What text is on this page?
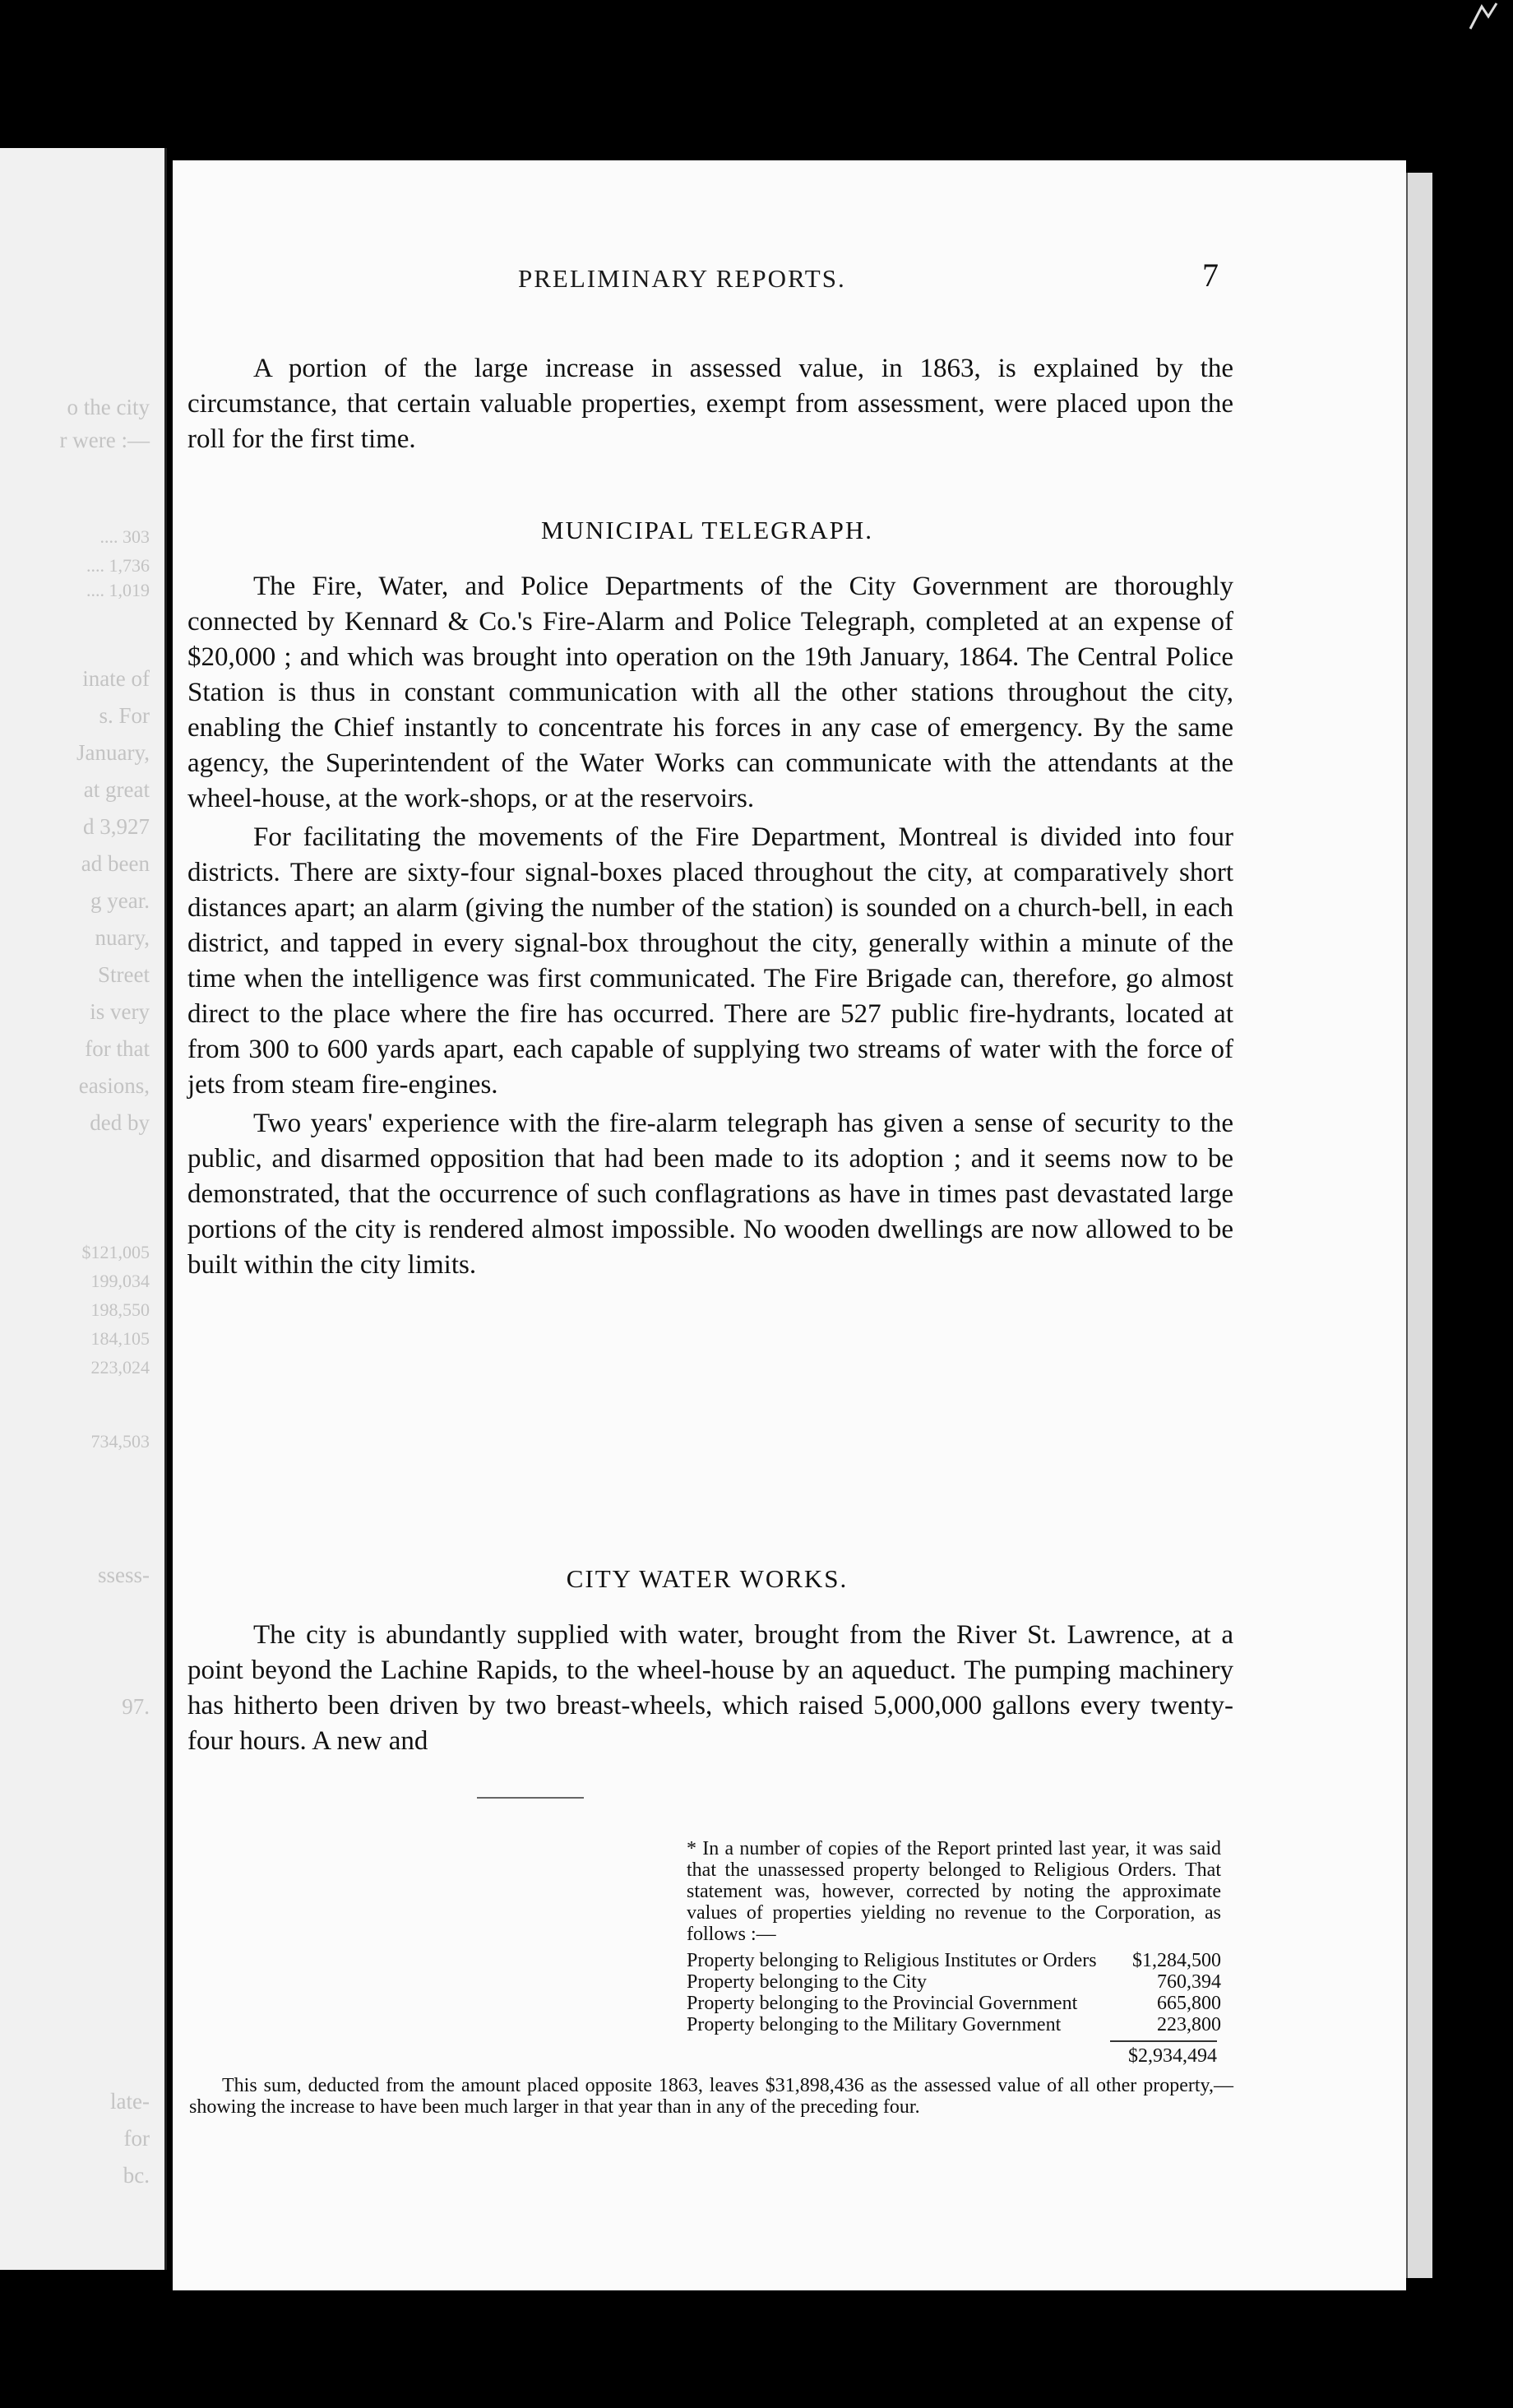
o the city
r were :—
.... 303
.... 1,736
.... 1,019
inate of
s. For
January,
at great
d 3,927
ad been
g year.
nuary,
Street
is very
for that
easions,
ded by
$121,005
199,034
198,550
184,105
223,024
734,503
ssess-
97.
late-
for
bc.
PRELIMINARY REPORTS.	7

A portion of the large increase in assessed value, in 1863, is explained by the circumstance, that certain valuable properties, exempt from assessment, were placed upon the roll for the first time.

MUNICIPAL TELEGRAPH.

The Fire, Water, and Police Departments of the City Government are thoroughly connected by Kennard & Co.'s Fire-Alarm and Police Telegraph, completed at an expense of $20,000 ; and which was brought into operation on the 19th January, 1864. The Central Police Station is thus in constant communication with all the other stations throughout the city, enabling the Chief instantly to concentrate his forces in any case of emergency. By the same agency, the Superintendent of the Water Works can communicate with the attendants at the wheel-house, at the work-shops, or at the reservoirs.

For facilitating the movements of the Fire Department, Montreal is divided into four districts. There are sixty-four signal-boxes placed throughout the city, at comparatively short distances apart; an alarm (giving the number of the station) is sounded on a church-bell, in each district, and tapped in every signal-box throughout the city, generally within a minute of the time when the intelligence was first communicated. The Fire Brigade can, therefore, go almost direct to the place where the fire has occurred. There are 527 public fire-hydrants, located at from 300 to 600 yards apart, each capable of supplying two streams of water with the force of jets from steam fire-engines.

Two years' experience with the fire-alarm telegraph has given a sense of security to the public, and disarmed opposition that had been made to its adoption ; and it seems now to be demonstrated, that the occurrence of such conflagrations as have in times past devastated large portions of the city is rendered almost impossible. No wooden dwellings are now allowed to be built within the city limits.

CITY WATER WORKS.

The city is abundantly supplied with water, brought from the River St. Lawrence, at a point beyond the Lachine Rapids, to the wheel-house by an aqueduct. The pumping machinery has hitherto been driven by two breast-wheels, which raised 5,000,000 gallons every twenty-four hours. A new and

* In a number of copies of the Report printed last year, it was said that the unassessed property belonged to Religious Orders. That statement was, however, corrected by noting the approximate values of properties yielding no revenue to the Corporation, as follows :—
Property belonging to Religious Institutes or Orders	$1,284,500
Property belonging to the City	760,394
Property belonging to the Provincial Government	665,800
Property belonging to the Military Government	223,800
$2,934,494
This sum, deducted from the amount placed opposite 1863, leaves $31,898,436 as the assessed value of all other property,—showing the increase to have been much larger in that year than in any of the preceding four.
